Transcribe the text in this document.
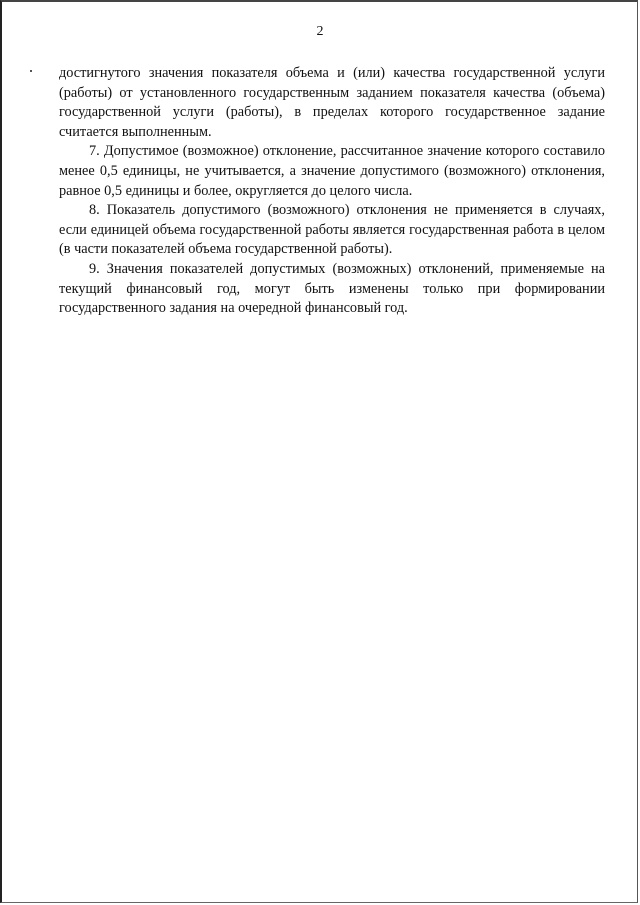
2

достигнутого значения показателя объема и (или) качества государственной услуги (работы) от установленного государственным заданием показателя качества (объема) государственной услуги (работы), в пределах которого государственное задание считается выполненным.

7. Допустимое (возможное) отклонение, рассчитанное значение которого составило менее 0,5 единицы, не учитывается, а значение допустимого (возможного) отклонения, равное 0,5 единицы и более, округляется до целого числа.

8. Показатель допустимого (возможного) отклонения не применяется в случаях, если единицей объема государственной работы является государственная работа в целом (в части показателей объема государственной работы).

9. Значения показателей допустимых (возможных) отклонений, применяемые на текущий финансовый год, могут быть изменены только при формировании государственного задания на очередной финансовый год.
